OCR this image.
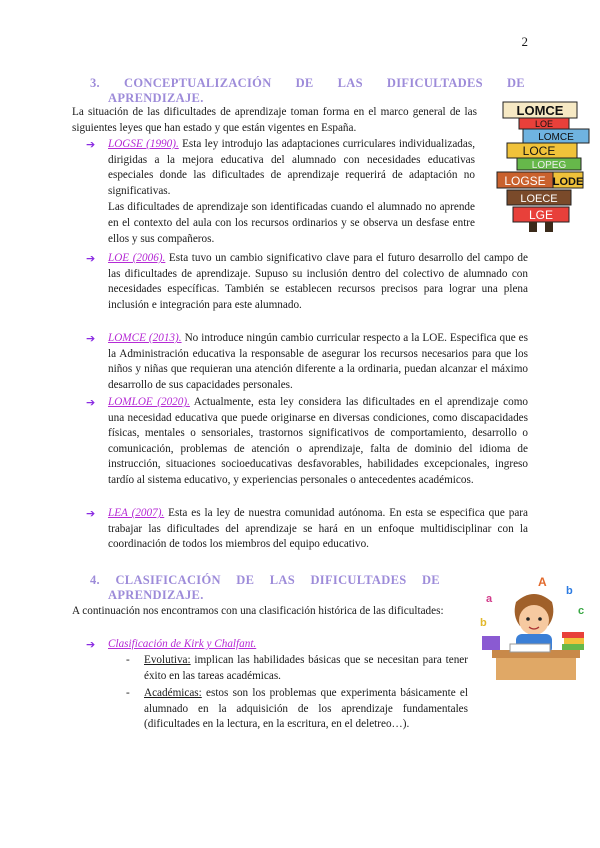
2
3. CONCEPTUALIZACIÓN DE LAS DIFICULTADES DE
APRENDIZAJE.
LOMCE
LOE
LOMCE
LOCE
LOPEG
LOGSE LODE
LOECE
LGE
La situación de las dificultades de aprendizaje toman forma en el marco general de las siguientes leyes que han estado y que están vigentes en España.
➔ LOGSE (1990). Esta ley introdujo las adaptaciones curriculares individualizadas, dirigidas a la mejora educativa del alumnado con necesidades educativas especiales donde las dificultades de aprendizaje requerirá de adaptación no significativas.
Las dificultades de aprendizaje son identificadas cuando el alumnado no aprende en el contexto del aula con los recursos ordinarios y se observa un desfase entre ellos y sus compañeros.
➔ LOE (2006). Esta tuvo un cambio significativo clave para el futuro desarrollo del campo de las dificultades de aprendizaje. Supuso su inclusión dentro del colectivo de alumnado con necesidades específicas. También se establecen recursos precisos para lograr una plena inclusión e integración para este alumnado.
➔ LOMCE (2013). No introduce ningún cambio curricular respecto a la LOE. Especifica que es la Administración educativa la responsable de asegurar los recursos necesarios para que los niños y niñas que requieran una atención diferente a la ordinaria, puedan alcanzar el máximo desarrollo de sus capacidades personales.
➔ LOMLOE (2020). Actualmente, esta ley considera las dificultades en el aprendizaje como una necesidad educativa que puede originarse en diversas condiciones, como discapacidades físicas, mentales o sensoriales, trastornos significativos de comportamiento, desarrollo o comunicación, problemas de atención o aprendizaje, falta de dominio del idioma de instrucción, situaciones socioeducativas desfavorables, habilidades excepcionales, ingreso tardío al sistema educativo, y experiencias personales o antecedentes académicos.
➔ LEA (2007). Esta es la ley de nuestra comunidad autónoma. En esta se especifica que para trabajar las dificultades del aprendizaje se hará en un enfoque multidisciplinar con la coordinación de todos los miembros del equipo educativo.
4. CLASIFICACIÓN DE LAS DIFICULTADES DE
APRENDIZAJE.
A
b
c
a
b
A continuación nos encontramos con una clasificación histórica de las dificultades:
➔ Clasificación de Kirk y Chalfant.
- Evolutiva: implican las habilidades básicas que se necesitan para tener éxito en las tareas académicas.
- Académicas: estos son los problemas que experimenta básicamente el alumnado en la adquisición de los aprendizaje fundamentales (dificultades en la lectura, en la escritura, en el deletreo…).
